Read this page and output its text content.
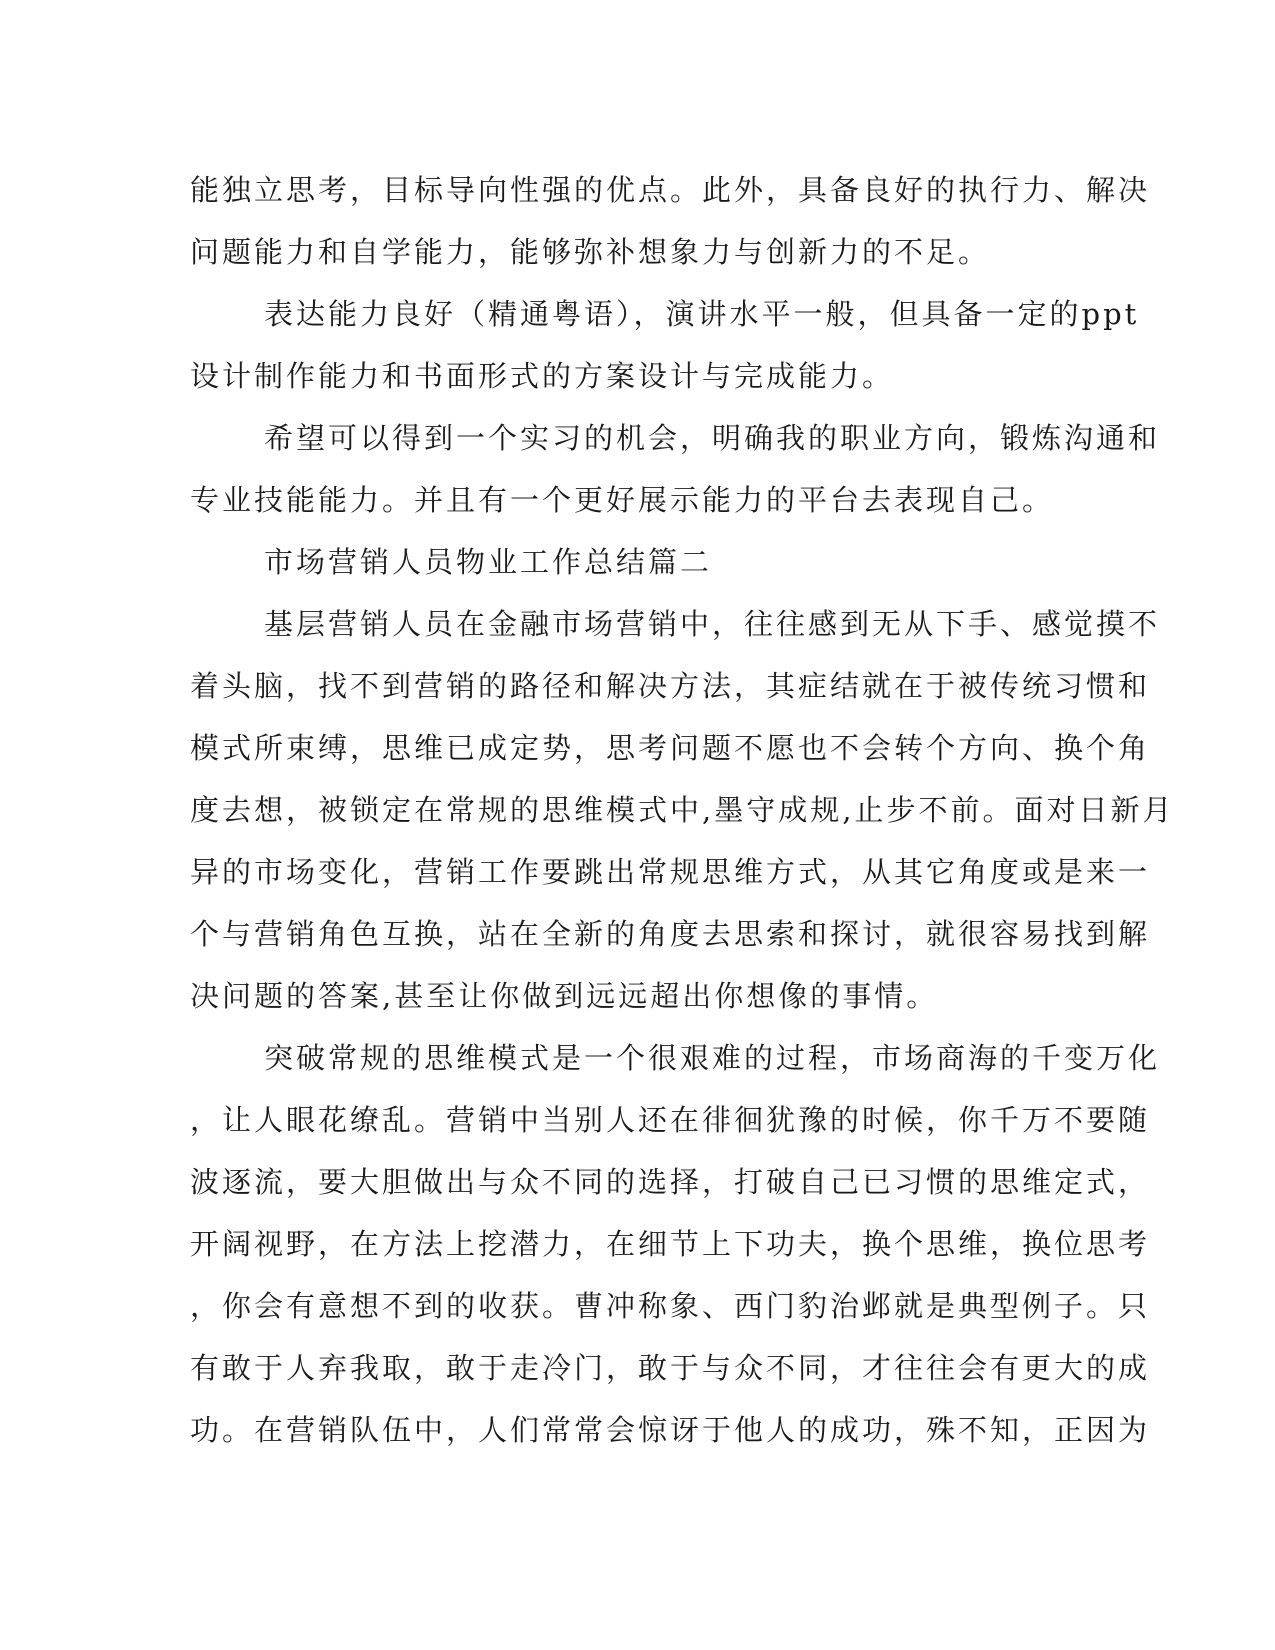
能独立思考，目标导向性强的优点。此外，具备良好的执行力、解决
问题能力和自学能力，能够弥补想象力与创新力的不足。
表达能力良好（精通粤语），演讲水平一般，但具备一定的ppt
设计制作能力和书面形式的方案设计与完成能力。
希望可以得到一个实习的机会，明确我的职业方向，锻炼沟通和
专业技能能力。并且有一个更好展示能力的平台去表现自己。
市场营销人员物业工作总结篇二
基层营销人员在金融市场营销中，往往感到无从下手、感觉摸不
着头脑，找不到营销的路径和解决方法，其症结就在于被传统习惯和
模式所束缚，思维已成定势，思考问题不愿也不会转个方向、换个角
度去想，被锁定在常规的思维模式中,墨守成规,止步不前。面对日新月
异的市场变化，营销工作要跳出常规思维方式，从其它角度或是来一
个与营销角色互换，站在全新的角度去思索和探讨，就很容易找到解
决问题的答案,甚至让你做到远远超出你想像的事情。
突破常规的思维模式是一个很艰难的过程，市场商海的千变万化
，让人眼花缭乱。营销中当别人还在徘徊犹豫的时候，你千万不要随
波逐流，要大胆做出与众不同的选择，打破自己已习惯的思维定式，
开阔视野，在方法上挖潜力，在细节上下功夫，换个思维，换位思考
，你会有意想不到的收获。曹冲称象、西门豹治邺就是典型例子。只
有敢于人弃我取，敢于走冷门，敢于与众不同，才往往会有更大的成
功。在营销队伍中，人们常常会惊讶于他人的成功，殊不知，正因为
